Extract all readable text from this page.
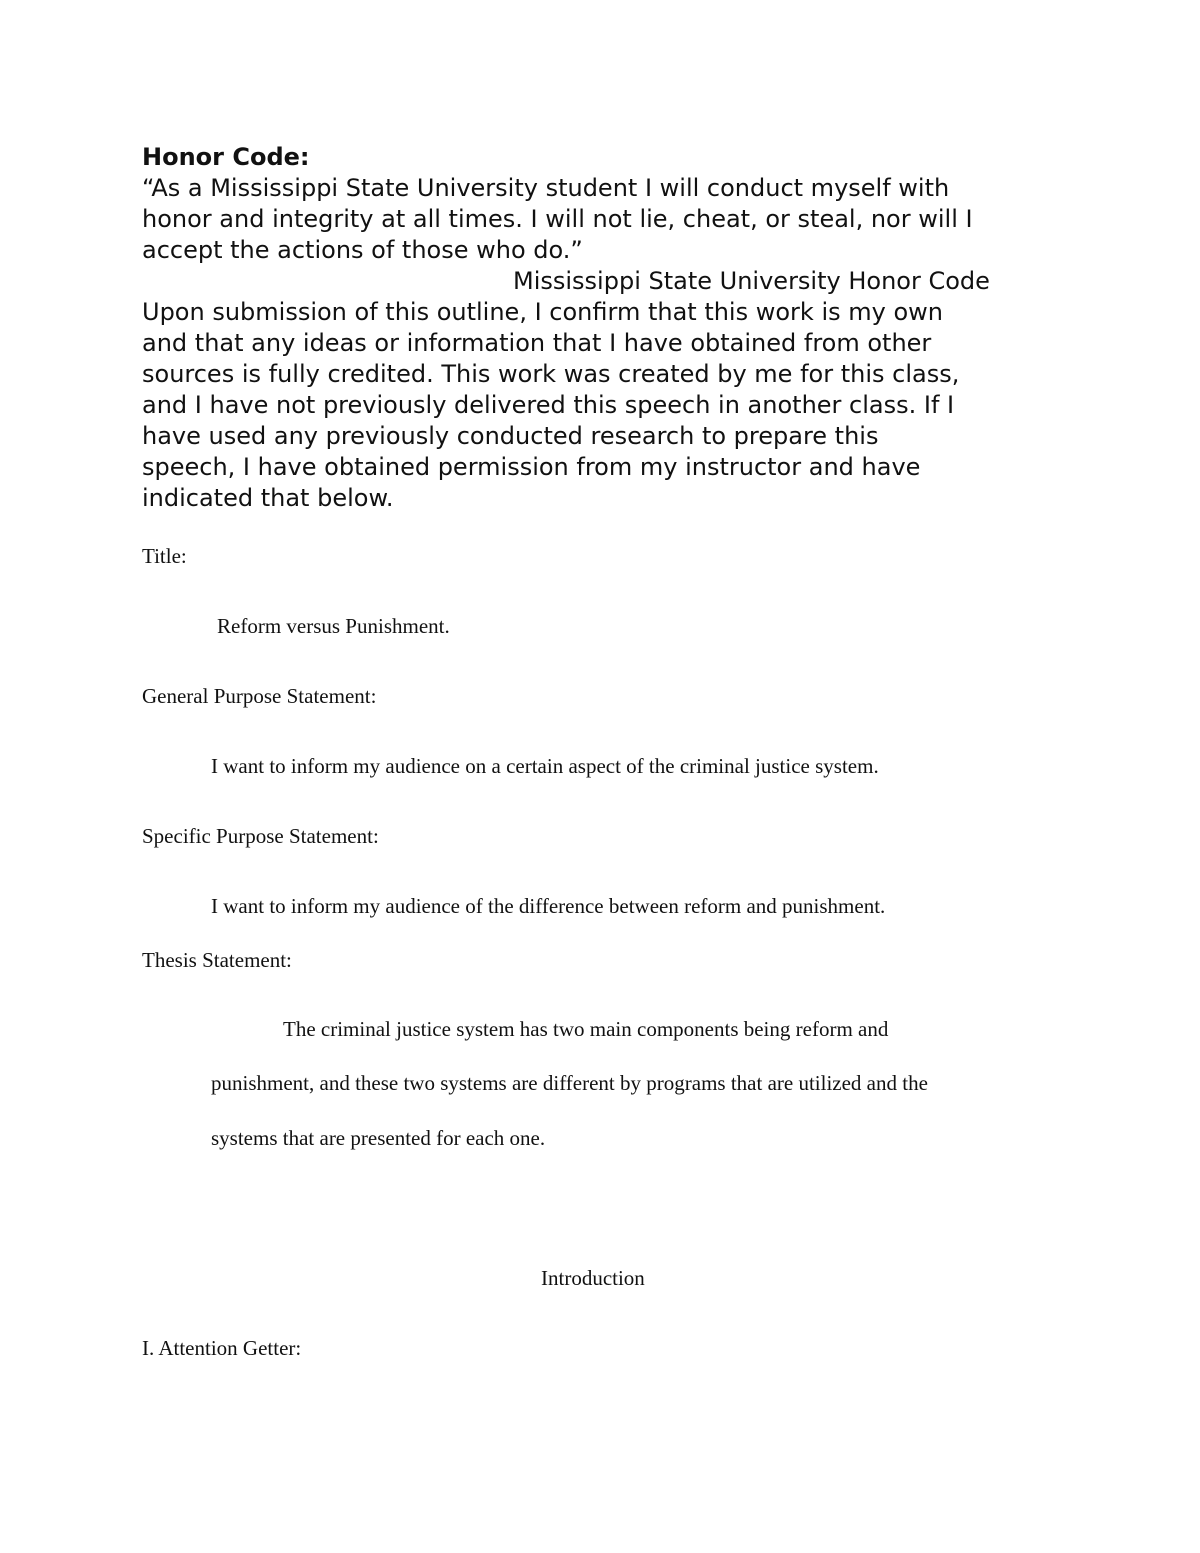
Honor Code:
“As a Mississippi State University student I will conduct myself with
honor and integrity at all times. I will not lie, cheat, or steal, nor will I
accept the actions of those who do.”
Mississippi State University Honor Code
Upon submission of this outline, I confirm that this work is my own
and that any ideas or information that I have obtained from other
sources is fully credited. This work was created by me for this class,
and I have not previously delivered this speech in another class. If I
have used any previously conducted research to prepare this
speech, I have obtained permission from my instructor and have
indicated that below.
Title:
Reform versus Punishment.
General Purpose Statement:
I want to inform my audience on a certain aspect of the criminal justice system.
Specific Purpose Statement:
I want to inform my audience of the difference between reform and punishment.
Thesis Statement:
The criminal justice system has two main components being reform and
punishment, and these two systems are different by programs that are utilized and the
systems that are presented for each one.
Introduction
I. Attention Getter:
